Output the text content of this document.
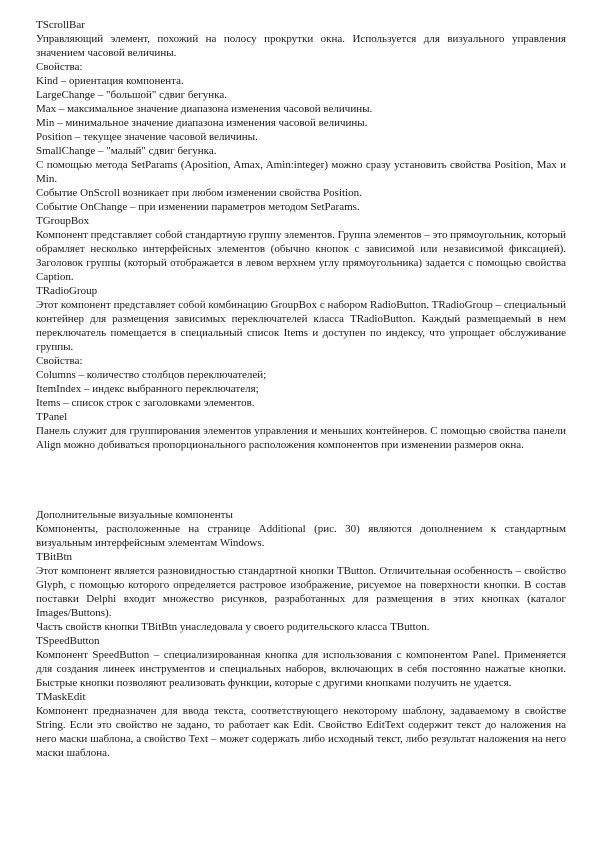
TScrollBar
Управляющий элемент, похожий на полосу прокрутки окна. Используется для визуального управления значением часовой величины.
Свойства:
Kind – ориентация компонента.
LargeChange – "большой" сдвиг бегунка.
Max – максимальное значение диапазона изменения часовой величины.
Min – минимальное значение диапазона изменения часовой величины.
Position – текущее значение часовой величины.
SmallChange – "малый" сдвиг бегунка.
С помощью метода SetParams (Aposition, Amax, Amin:integer) можно сразу установить свойства Position, Max и Min.
Событие OnScroll возникает при любом изменении свойства Position.
Событие OnChange – при изменении параметров методом SetParams.
TGroupBox
Компонент представляет собой стандартную группу элементов. Группа элементов – это прямоугольник, который обрамляет несколько интерфейсных элементов (обычно кнопок с зависимой или независимой фиксацией). Заголовок группы (который отображается в левом верхнем углу прямоугольника) задается с помощью свойства Caption.
TRadioGroup
Этот компонент представляет собой комбинацию GroupBox с набором RadioButton. TRadioGroup – специальный контейнер для размещения зависимых переключателей класса TRadioButton. Каждый размещаемый в нем переключатель помещается в специальный список Items и доступен по индексу, что упрощает обслуживание группы.
Свойства:
Columns – количество столбцов переключателей;
ItemIndex – индекс выбранного переключателя;
Items – список строк с заголовками элементов.
TPanel
Панель служит для группирования элементов управления и меньших контейнеров. С помощью свойства панели Align можно добиваться пропорционального расположения компонентов при изменении размеров окна.
Дополнительные визуальные компоненты
Компоненты, расположенные на странице Additional (рис. 30) являются дополнением к стандартным визуальным интерфейсным элементам Windows.
TBitBtn
Этот компонент является разновидностью стандартной кнопки TButton. Отличительная особенность – свойство Glyph, с помощью которого определяется растровое изображение, рисуемое на поверхности кнопки. В состав поставки Delphi входит множество рисунков, разработанных для размещения в этих кнопках (каталог Images/Buttons).
Часть свойств кнопки TBitBtn унаследовала у своего родительского класса TButton.
TSpeedButton
Компонент SpeedButton – специализированная кнопка для использования с компонентом Panel. Применяется для создания линеек инструментов и специальных наборов, включающих в себя постоянно нажатые кнопки. Быстрые кнопки позволяют реализовать функции, которые с другими кнопками получить не удается.
TMaskEdit
Компонент предназначен для ввода текста, соответствующего некоторому шаблону, задаваемому в свойстве String. Если это свойство не задано, то работает как Edit. Свойство EditText содержит текст до наложения на него маски шаблона, а свойство Text – может содержать либо исходный текст, либо результат наложения на него маски шаблона.
